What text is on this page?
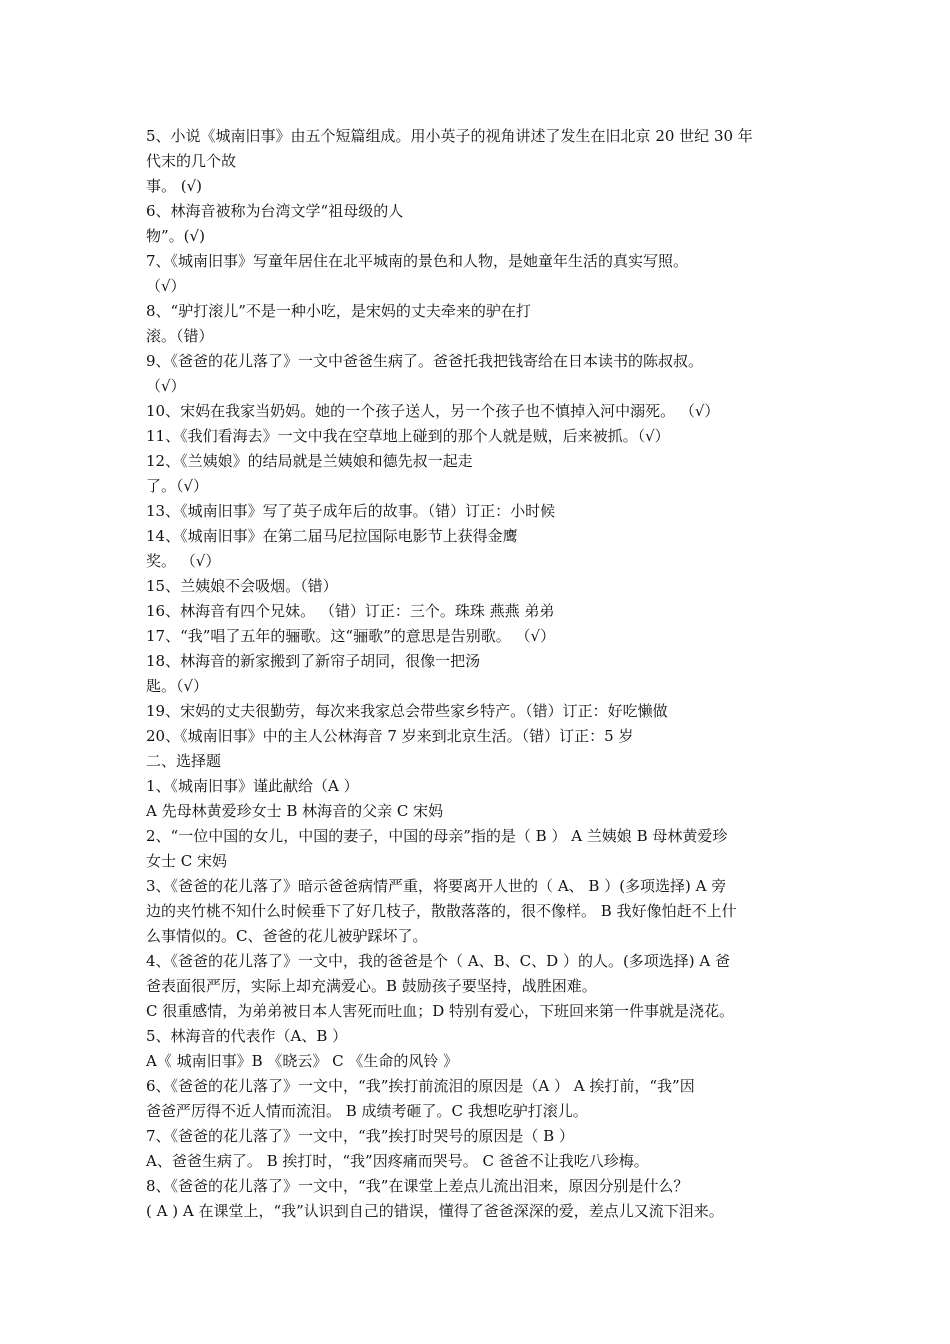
5、小说《城南旧事》由五个短篇组成。用小英子的视角讲述了发生在旧北京 20 世纪 30 年
代末的几个故
事。 (√)
6、林海音被称为台湾文学“祖母级的人
物”。(√)
7、《城南旧事》写童年居住在北平城南的景色和人物，是她童年生活的真实写照。
（√）
8、“驴打滚儿”不是一种小吃，是宋妈的丈夫牵来的驴在打
滚。（错）
9、《爸爸的花儿落了》一文中爸爸生病了。爸爸托我把钱寄给在日本读书的陈叔叔。
（√）
10、宋妈在我家当奶妈。她的一个孩子送人，另一个孩子也不慎掉入河中溺死。 （√）
11、《我们看海去》一文中我在空草地上碰到的那个人就是贼，后来被抓。（√）
12、《兰姨娘》的结局就是兰姨娘和德先叔一起走
了。（√）
13、《城南旧事》写了英子成年后的故事。（错）订正：小时候
14、《城南旧事》在第二届马尼拉国际电影节上获得金鹰
奖。 （√）
15、兰姨娘不会吸烟。（错）
16、林海音有四个兄妹。 （错）订正：三个。珠珠 燕燕 弟弟
17、“我”唱了五年的骊歌。这“骊歌”的意思是告别歌。 （√）
18、林海音的新家搬到了新帘子胡同，很像一把汤
匙。（√）
19、宋妈的丈夫很勤劳，每次来我家总会带些家乡特产。（错）订正：好吃懒做
20、《城南旧事》中的主人公林海音 7 岁来到北京生活。（错）订正：5 岁
二、选择题
1、《城南旧事》谨此献给（A ）
A 先母林黄爱珍女士 B 林海音的父亲 C 宋妈
2、“一位中国的女儿，中国的妻子，中国的母亲”指的是（ B ） A 兰姨娘 B 母林黄爱珍
女士 C 宋妈
3、《爸爸的花儿落了》暗示爸爸病情严重，将要离开人世的（ A、 B ）(多项选择) A 旁
边的夹竹桃不知什么时候垂下了好几枝子，散散落落的，很不像样。 B 我好像怕赶不上什
么事情似的。C、爸爸的花儿被驴踩坏了。
4、《爸爸的花儿落了》一文中，我的爸爸是个（ A、B、C、D ）的人。(多项选择) A 爸
爸表面很严厉，实际上却充满爱心。B 鼓励孩子要坚持，战胜困难。
C 很重感情，为弟弟被日本人害死而吐血；D 特别有爱心，下班回来第一件事就是浇花。
5、林海音的代表作（A、B ）
A《 城南旧事》B 《晓云》 C 《生命的风铃 》
6、《爸爸的花儿落了》一文中，“我”挨打前流泪的原因是（A ） A 挨打前，“我”因
爸爸严厉得不近人情而流泪。 B 成绩考砸了。C 我想吃驴打滚儿。
7、《爸爸的花儿落了》一文中，“我”挨打时哭号的原因是（ B ）
A、爸爸生病了。 B 挨打时，“我”因疼痛而哭号。 C 爸爸不让我吃八珍梅。
8、《爸爸的花儿落了》一文中，“我”在课堂上差点儿流出泪来，原因分别是什么？
( A ) A 在课堂上，“我”认识到自己的错误，懂得了爸爸深深的爱，差点儿又流下泪来。
